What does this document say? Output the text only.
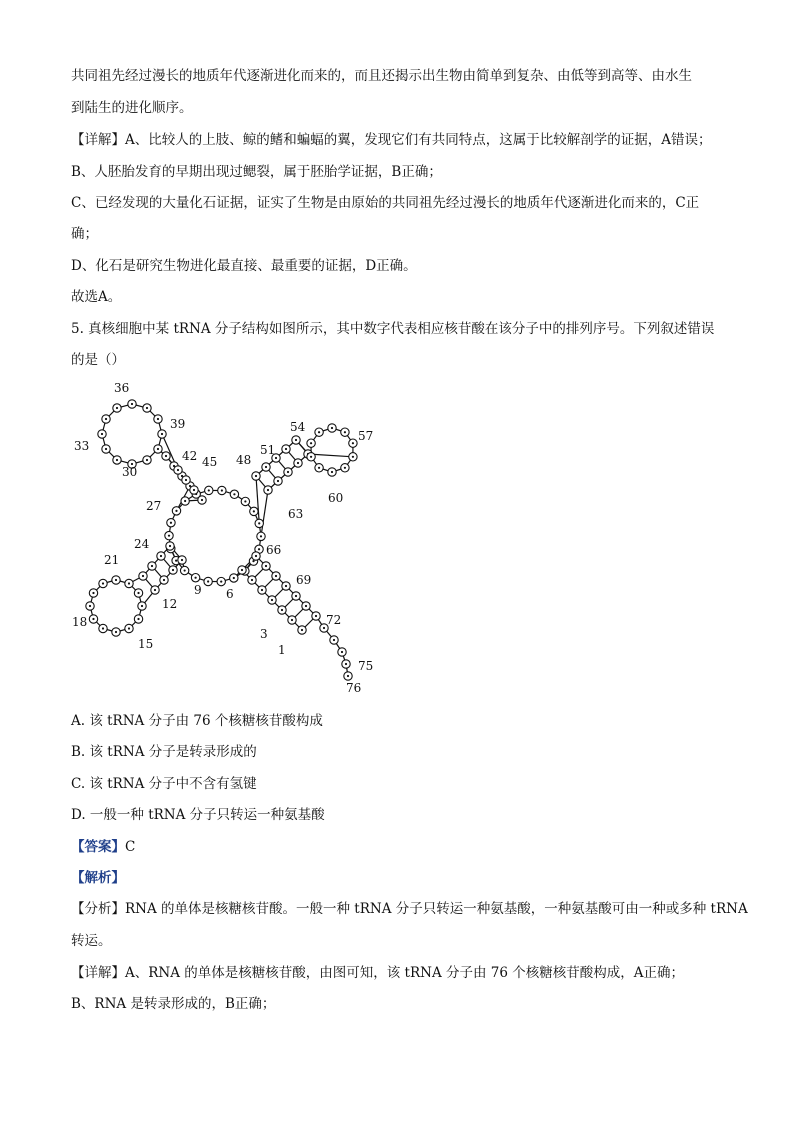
共同祖先经过漫长的地质年代逐渐进化而来的，而且还揭示出生物由简单到复杂、由低等到高等、由水生
到陆生的进化顺序。
【详解】A、比较人的上肢、鲸的鳍和蝙蝠的翼，发现它们有共同特点，这属于比较解剖学的证据，A错误；
B、人胚胎发育的早期出现过鳃裂，属于胚胎学证据，B正确；
C、已经发现的大量化石证据，证实了生物是由原始的共同祖先经过漫长的地质年代逐渐进化而来的，C正
确；
D、化石是研究生物进化最直接、最重要的证据，D正确。
故选A。
5. 真核细胞中某 tRNA 分子结构如图所示，其中数字代表相应核苷酸在该分子中的排列序号。下列叙述错误
的是（）
36
39
33
30
42 45 48
27
54
57
51
60
63
66
24
21
9
12
6
69
18
15
3
72
1
75
76
A. 该 tRNA 分子由 76 个核糖核苷酸构成
B. 该 tRNA 分子是转录形成的
C. 该 tRNA 分子中不含有氢键
D. 一般一种 tRNA 分子只转运一种氨基酸
【答案】C
【解析】
【分析】RNA 的单体是核糖核苷酸。一般一种 tRNA 分子只转运一种氨基酸，一种氨基酸可由一种或多种 tRNA
转运。
【详解】A、RNA 的单体是核糖核苷酸，由图可知，该 tRNA 分子由 76 个核糖核苷酸构成，A正确；
B、RNA 是转录形成的，B正确；
